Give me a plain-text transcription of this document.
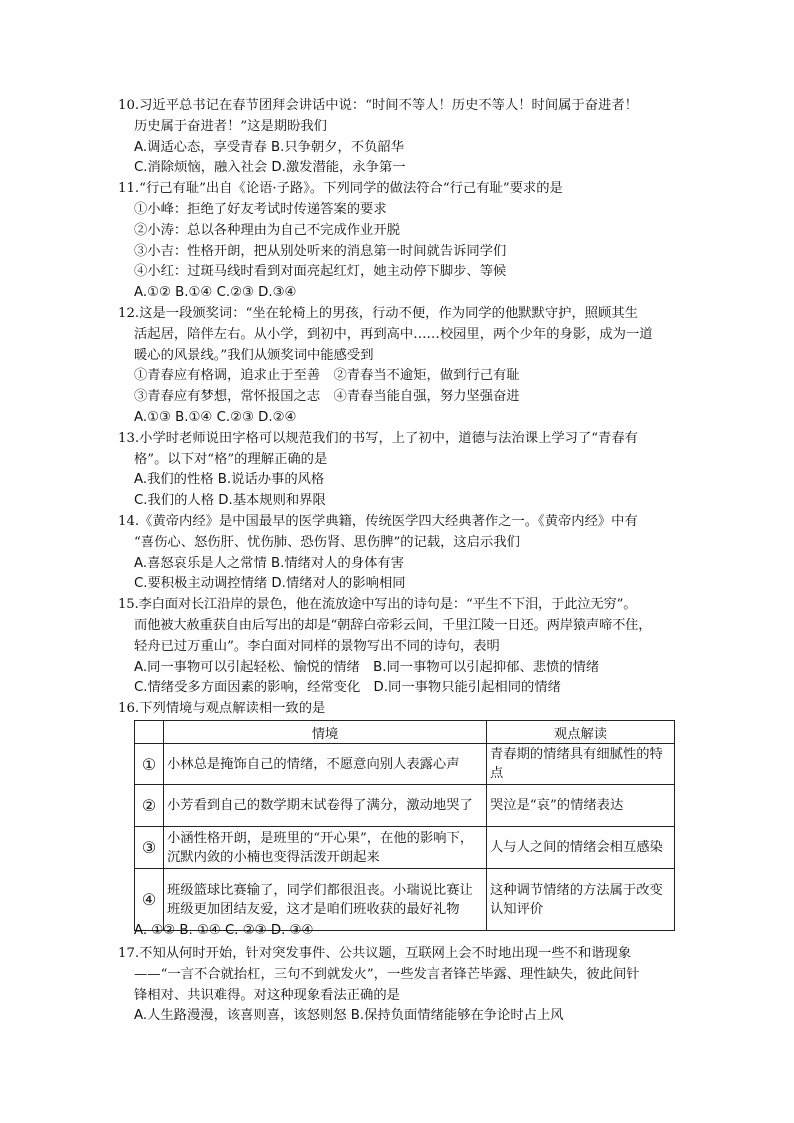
10.习近平总书记在春节团拜会讲话中说：“时间不等人！历史不等人！时间属于奋进者！
历史属于奋进者！”这是期盼我们
A.调适心态，享受青春 B.只争朝夕，不负韶华
C.消除烦恼，融入社会 D.激发潜能，永争第一
11.“行己有耻”出自《论语·子路》。下列同学的做法符合“行己有耻”要求的是
①小峰：拒绝了好友考试时传递答案的要求
②小涛：总以各种理由为自己不完成作业开脱
③小吉：性格开朗，把从别处听来的消息第一时间就告诉同学们
④小红：过斑马线时看到对面亮起红灯，她主动停下脚步、等候
A.①② B.①④ C.②③ D.③④
12.这是一段颁奖词：“坐在轮椅上的男孩，行动不便，作为同学的他默默守护，照顾其生
活起居，陪伴左右。从小学，到初中，再到高中……校园里，两个少年的身影，成为一道
暖心的风景线。”我们从颁奖词中能感受到
①青春应有格调，追求止于至善　②青春当不逾矩，做到行己有耻
③青春应有梦想，常怀报国之志　④青春当能自强，努力坚强奋进
A.①③ B.①④ C.②③ D.②④
13.小学时老师说田字格可以规范我们的书写，上了初中，道德与法治课上学习了“青春有
格”。以下对“格”的理解正确的是
A.我们的性格 B.说话办事的风格
C.我们的人格 D.基本规则和界限
14.《黄帝内经》是中国最早的医学典籍，传统医学四大经典著作之一。《黄帝内经》中有
“喜伤心、怒伤肝、忧伤肺、恐伤肾、思伤脾”的记载，这启示我们
A.喜怒哀乐是人之常情 B.情绪对人的身体有害
C.要积极主动调控情绪 D.情绪对人的影响相同
15.李白面对长江沿岸的景色，他在流放途中写出的诗句是：“平生不下泪，于此泣无穷”。
而他被大赦重获自由后写出的却是“朝辞白帝彩云间，千里江陵一日还。两岸猿声啼不住，
轻舟已过万重山”。李白面对同样的景物写出不同的诗句，表明
A.同一事物可以引起轻松、愉悦的情绪　B.同一事物可以引起抑郁、悲愤的情绪
C.情绪受多方面因素的影响，经常变化　D.同一事物只能引起相同的情绪
16.下列情境与观点解读相一致的是
	情境	观点解读
①	小林总是掩饰自己的情绪，不愿意向别人表露心声	青春期的情绪具有细腻性的特点
②	小芳看到自己的数学期末试卷得了满分，激动地哭了	哭泣是“哀”的情绪表达
③	小涵性格开朗，是班里的“开心果”，在他的影响下，沉默内敛的小楠也变得活泼开朗起来	人与人之间的情绪会相互感染
④	班级篮球比赛输了，同学们都很沮丧。小瑞说比赛让班级更加团结友爱，这才是咱们班收获的最好礼物	这种调节情绪的方法属于改变认知评价
A. ①② B. ①④ C. ②③ D. ③④
17.不知从何时开始，针对突发事件、公共议题，互联网上会不时地出现一些不和谐现象
——“一言不合就抬杠，三句不到就发火”，一些发言者锋芒毕露、理性缺失，彼此间针
锋相对、共识难得。对这种现象看法正确的是
A.人生路漫漫，该喜则喜，该怒则怒 B.保持负面情绪能够在争论时占上风
